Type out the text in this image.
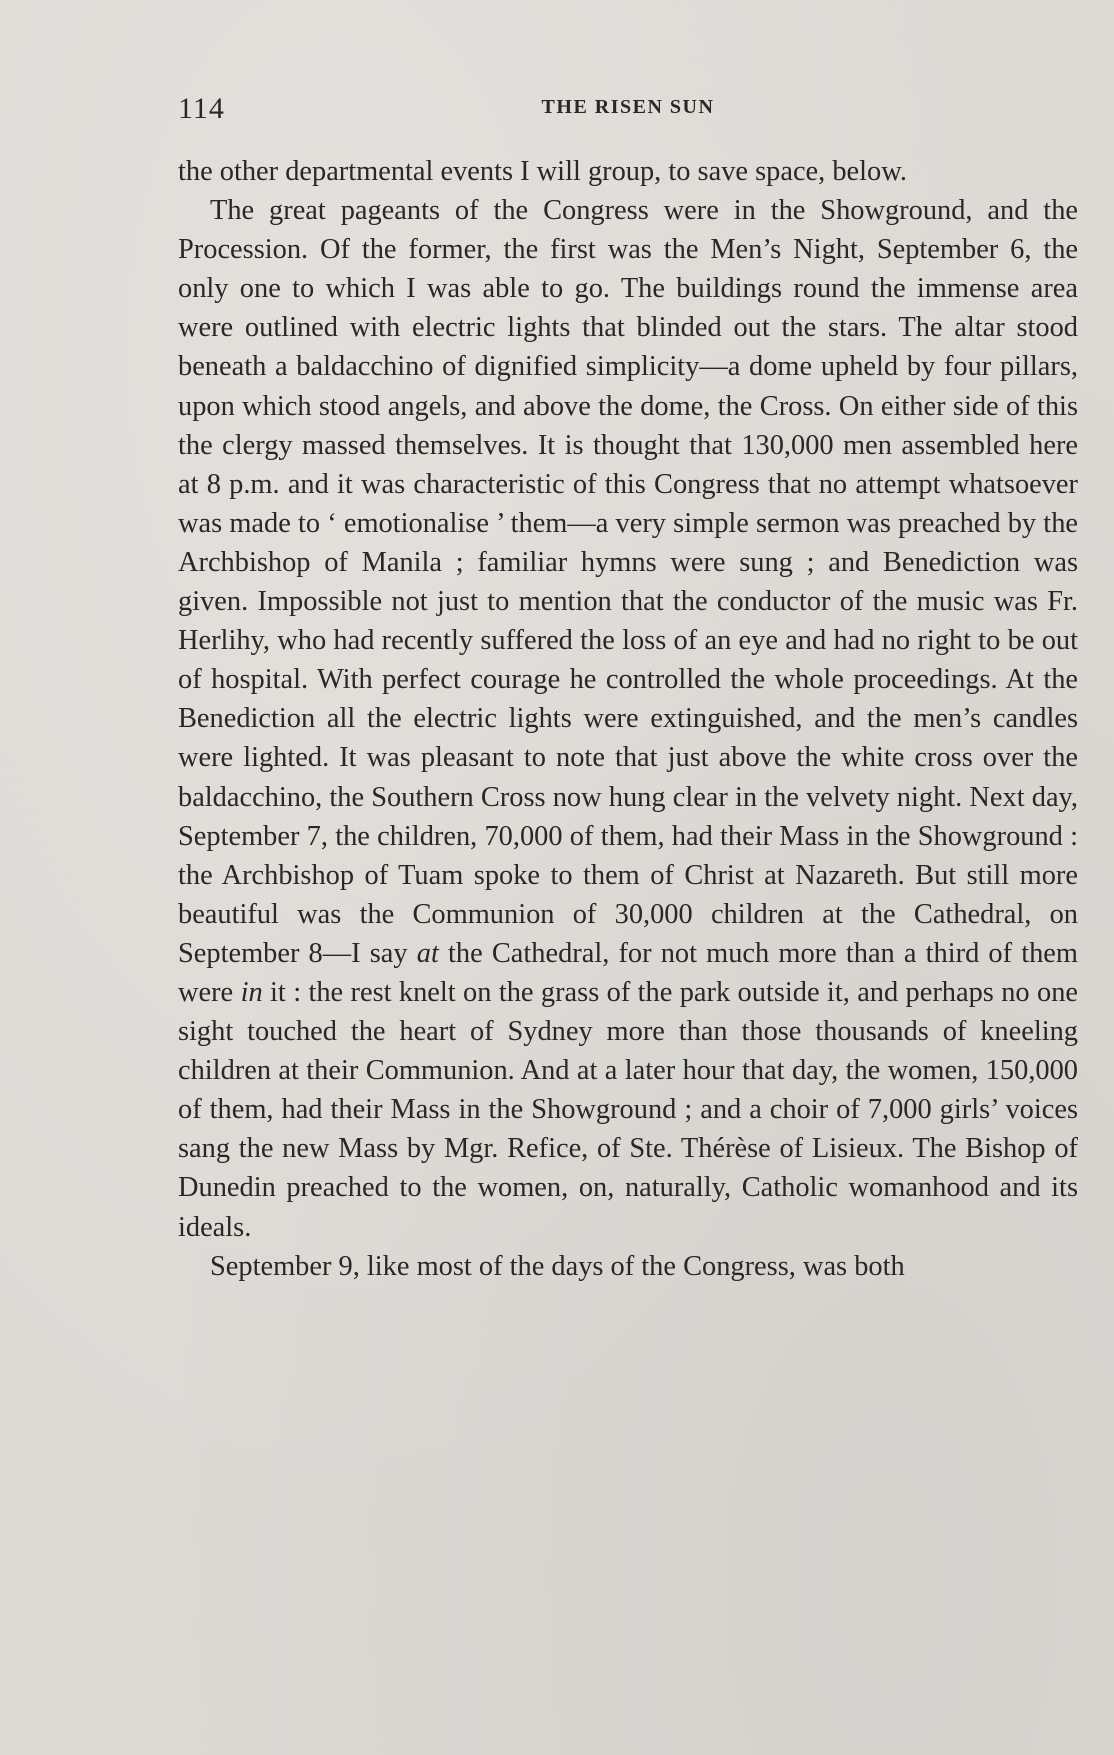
114	THE RISEN SUN

the other departmental events I will group, to save space, below.

The great pageants of the Congress were in the Showground, and the Procession. Of the former, the first was the Men’s Night, September 6, the only one to which I was able to go. The buildings round the immense area were outlined with electric lights that blinded out the stars. The altar stood beneath a baldacchino of dignified simplicity—a dome upheld by four pillars, upon which stood angels, and above the dome, the Cross. On either side of this the clergy massed themselves. It is thought that 130,000 men assembled here at 8 p.m. and it was characteristic of this Congress that no attempt whatsoever was made to ‘ emotionalise ’ them—a very simple sermon was preached by the Archbishop of Manila ; familiar hymns were sung ; and Benediction was given. Impossible not just to mention that the conductor of the music was Fr. Herlihy, who had recently suffered the loss of an eye and had no right to be out of hospital. With perfect courage he controlled the whole proceedings. At the Benediction all the electric lights were extinguished, and the men’s candles were lighted. It was pleasant to note that just above the white cross over the baldacchino, the Southern Cross now hung clear in the velvety night. Next day, September 7, the children, 70,000 of them, had their Mass in the Showground : the Archbishop of Tuam spoke to them of Christ at Nazareth. But still more beautiful was the Communion of 30,000 children at the Cathedral, on September 8—I say at the Cathedral, for not much more than a third of them were in it : the rest knelt on the grass of the park outside it, and perhaps no one sight touched the heart of Sydney more than those thousands of kneeling children at their Communion. And at a later hour that day, the women, 150,000 of them, had their Mass in the Showground ; and a choir of 7,000 girls’ voices sang the new Mass by Mgr. Refice, of Ste. Thérèse of Lisieux. The Bishop of Dunedin preached to the women, on, naturally, Catholic womanhood and its ideals.

September 9, like most of the days of the Congress, was both
